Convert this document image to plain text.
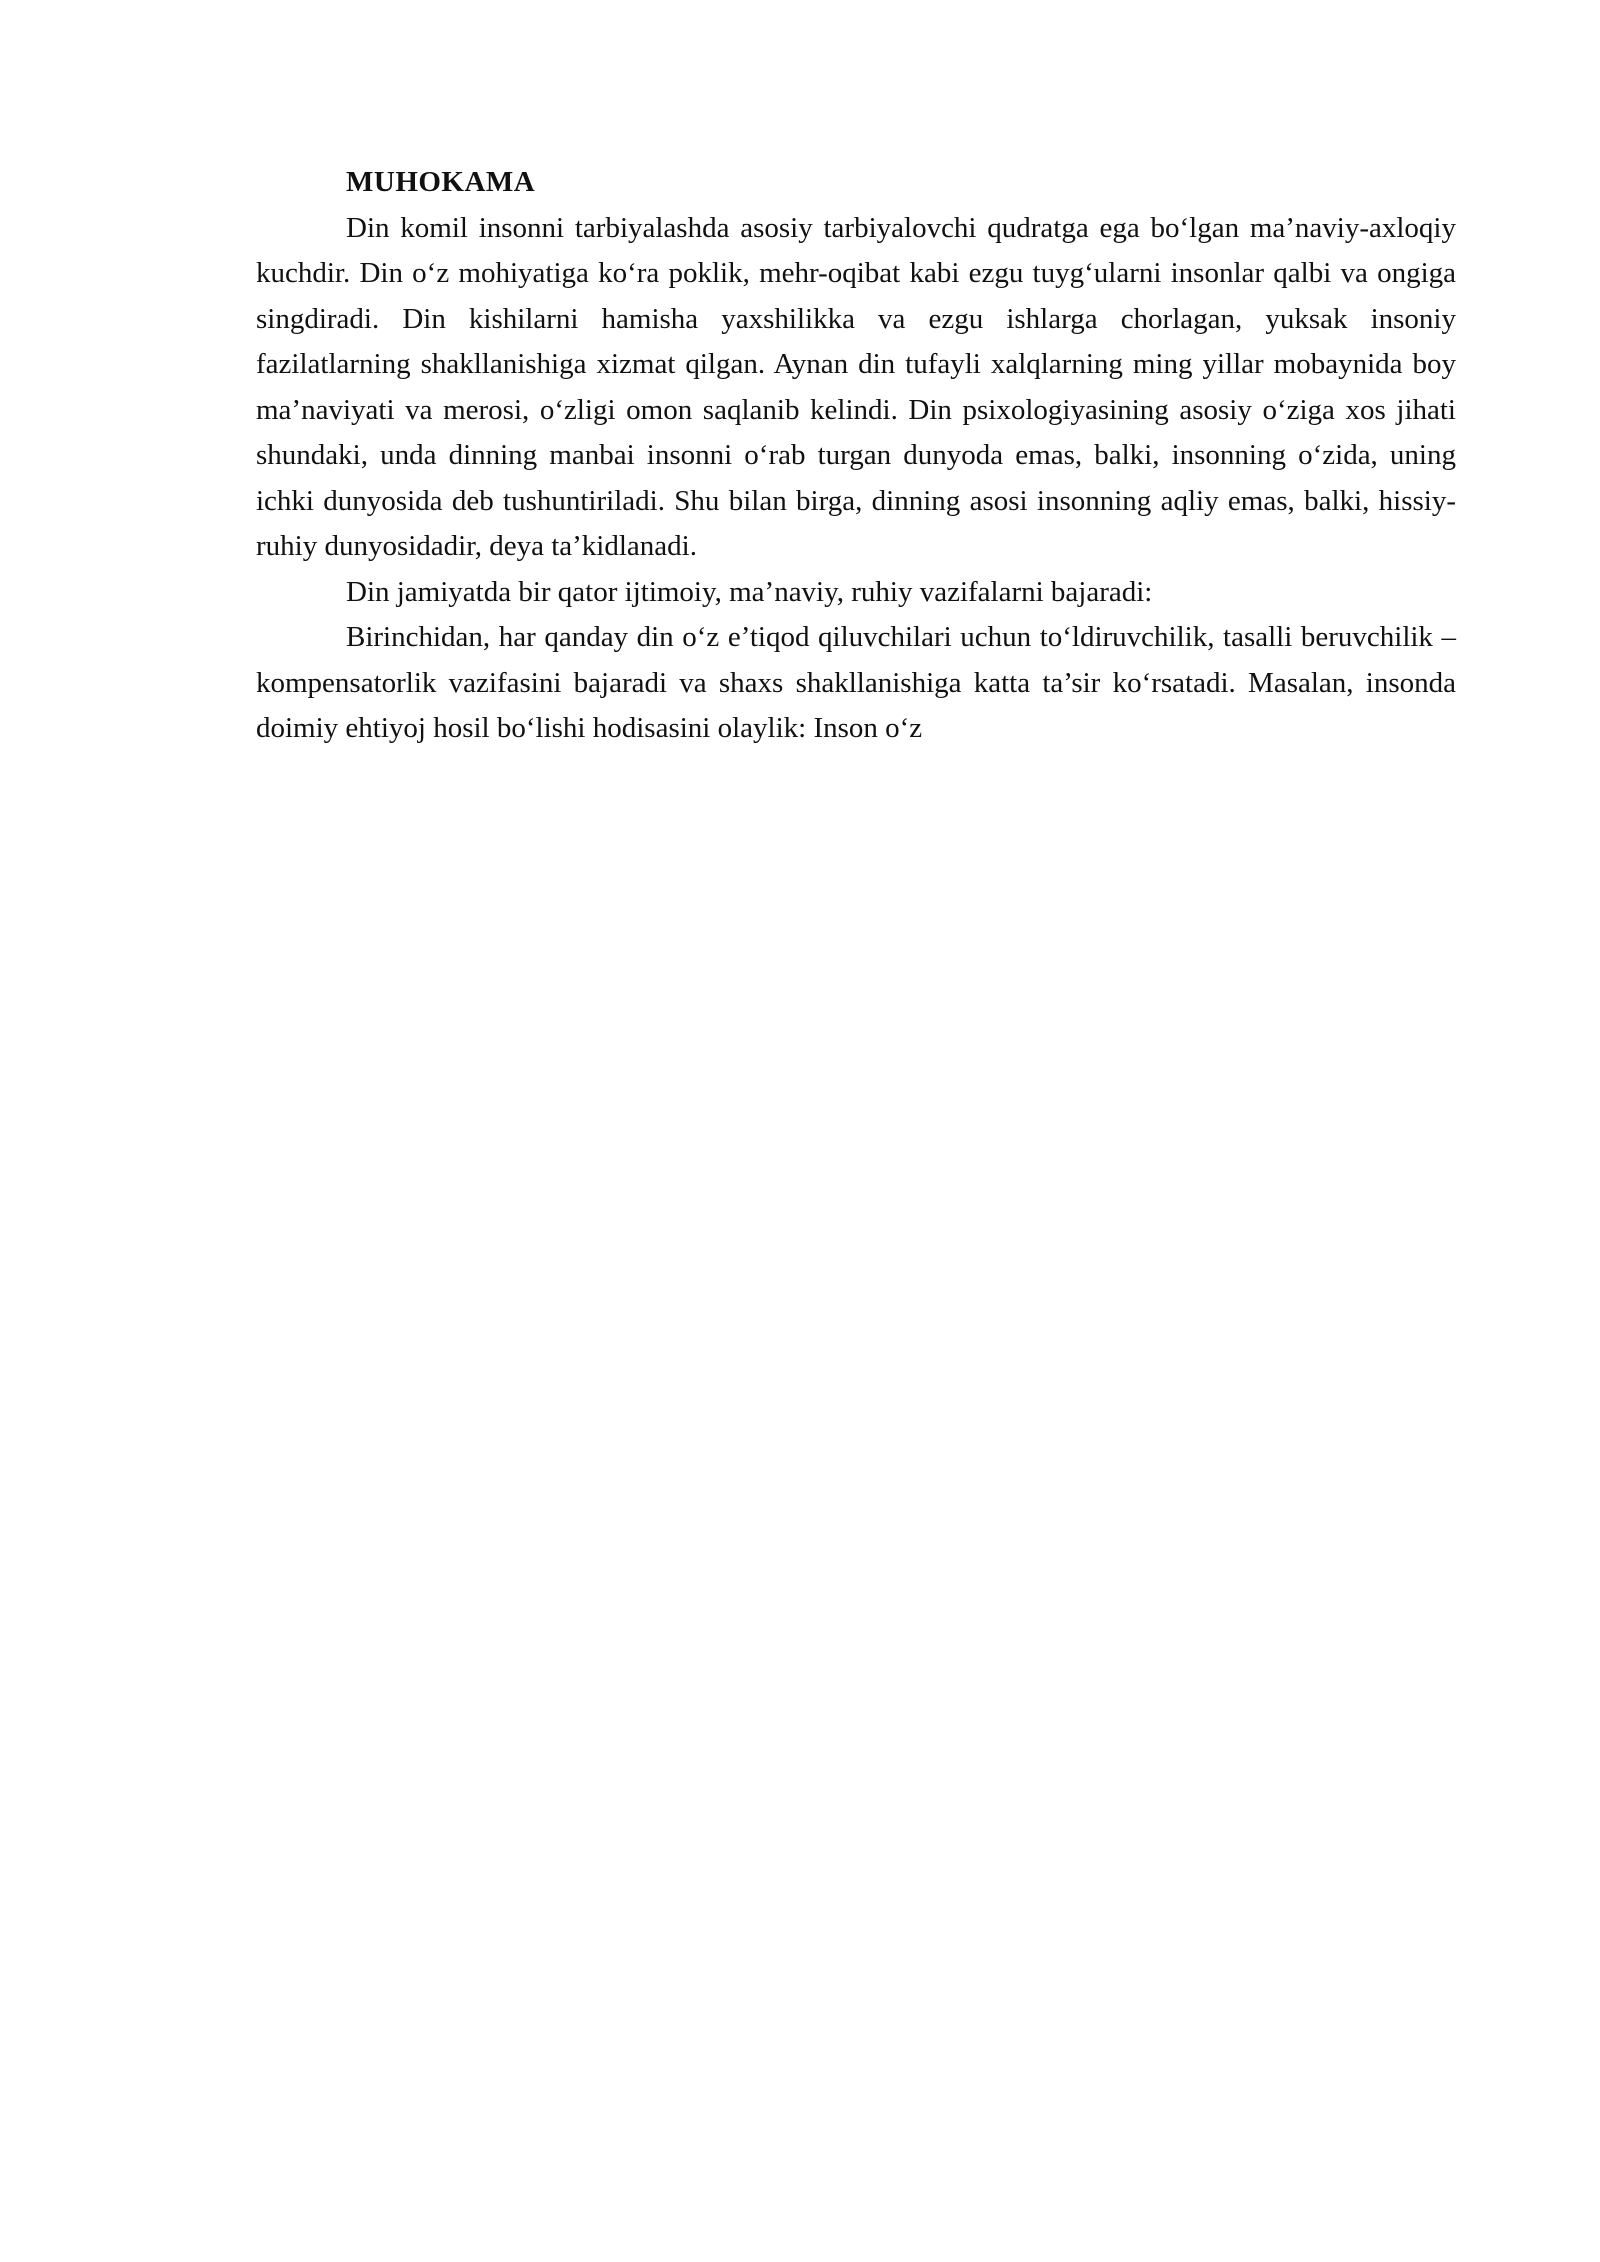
MUHOKAMA

Din komil insonni tarbiyalashda asosiy tarbiyalovchi qudratga ega bo‘lgan ma’naviy-axloqiy kuchdir. Din o‘z mohiyatiga ko‘ra poklik, mehr-oqibat kabi ezgu tuyg‘ularni insonlar qalbi va ongiga singdiradi. Din kishilarni hamisha yaxshilikka va ezgu ishlarga chorlagan, yuksak insoniy fazilatlarning shakllanishiga xizmat qilgan. Aynan din tufayli xalqlarning ming yillar mobaynida boy ma’naviyati va merosi, o‘zligi omon saqlanib kelindi. Din psixologiyasining asosiy o‘ziga xos jihati shundaki, unda dinning manbai insonni o‘rab turgan dunyoda emas, balki, insonning o‘zida, uning ichki dunyosida deb tushuntiriladi. Shu bilan birga, dinning asosi insonning aqliy emas, balki, hissiy-ruhiy dunyosidadir, deya ta’kidlanadi.

Din jamiyatda bir qator ijtimoiy, ma’naviy, ruhiy vazifalarni bajaradi:

Birinchidan, har qanday din o‘z e’tiqod qiluvchilari uchun to‘ldiruvchilik, tasalli beruvchilik – kompensatorlik vazifasini bajaradi va shaxs shakllanishiga katta ta’sir ko‘rsatadi. Masalan, insonda doimiy ehtiyoj hosil bo‘lishi hodisasini olaylik: Inson o‘z
